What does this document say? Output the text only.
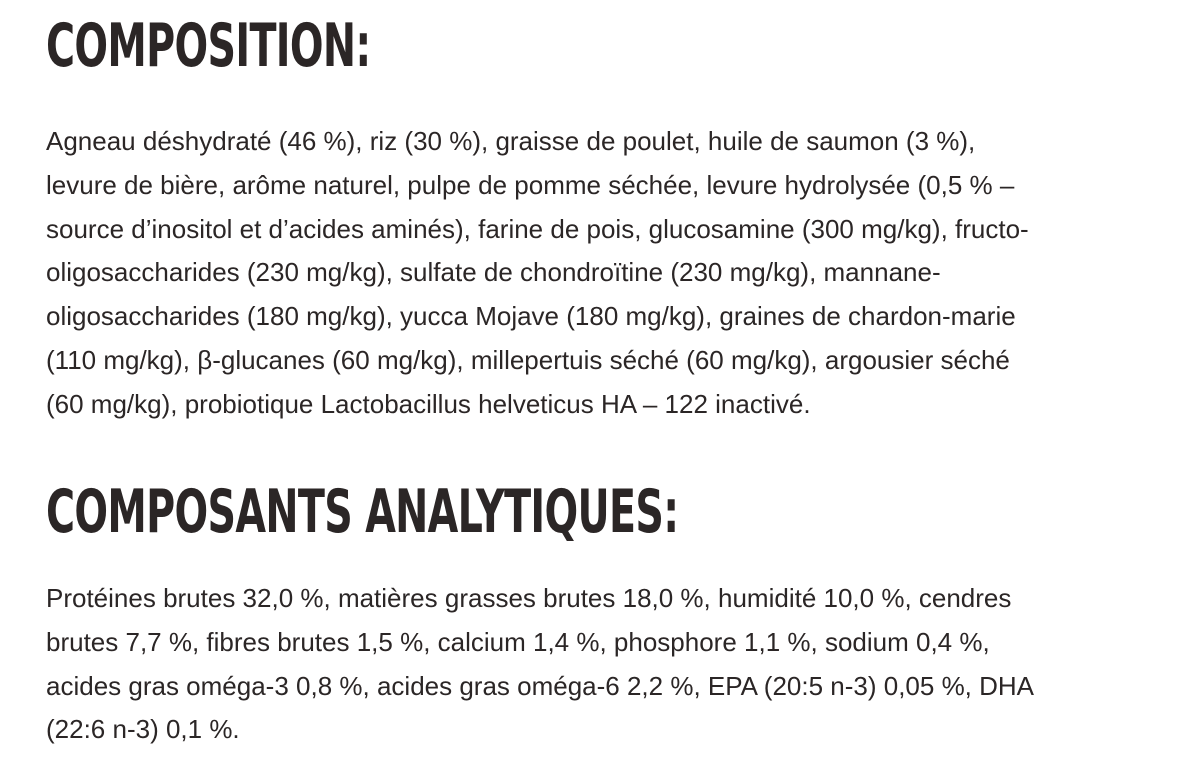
COMPOSITION:

Agneau déshydraté (46 %), riz (30 %), graisse de poulet, huile de saumon (3 %),
levure de bière, arôme naturel, pulpe de pomme séchée, levure hydrolysée (0,5 % –
source d’inositol et d’acides aminés), farine de pois, glucosamine (300 mg/kg), fructo-
oligosaccharides (230 mg/kg), sulfate de chondroïtine (230 mg/kg), mannane-
oligosaccharides (180 mg/kg), yucca Mojave (180 mg/kg), graines de chardon-marie
(110 mg/kg), β-glucanes (60 mg/kg), millepertuis séché (60 mg/kg), argousier séché
(60 mg/kg), probiotique Lactobacillus helveticus HA – 122 inactivé.

COMPOSANTS ANALYTIQUES:

Protéines brutes 32,0 %, matières grasses brutes 18,0 %, humidité 10,0 %, cendres
brutes 7,7 %, fibres brutes 1,5 %, calcium 1,4 %, phosphore 1,1 %, sodium 0,4 %,
acides gras oméga-3 0,8 %, acides gras oméga-6 2,2 %, EPA (20:5 n-3) 0,05 %, DHA
(22:6 n-3) 0,1 %.
